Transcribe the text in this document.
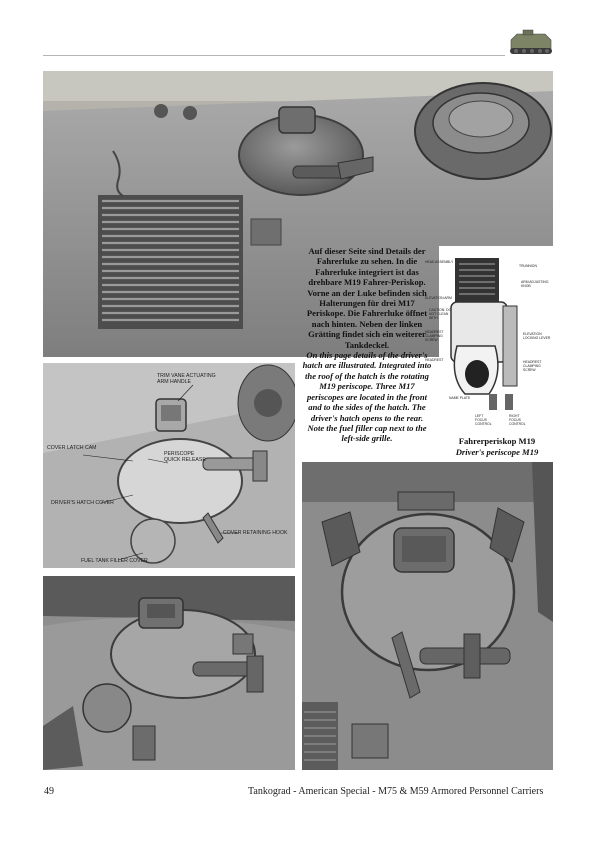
TRIM VANE ACTUATING ARM HANDLE
COVER LATCH CAM
PERISCOPE QUICK RELEASE
DRIVER'S HATCH COVER
COVER RETAINING HOOK
FUEL TANK FILLER COVER
Auf dieser Seite sind Details der Fahrerluke zu sehen. In die Fahrerluke integriert ist das drehbare M19 Fahrer-Periskop. Vorne an der Luke befinden sich Halterungen für drei M17 Periskope. Die Fahrerluke öffnet nach hinten. Neben der linken Grätting findet sich ein weiterer Tankdeckel.
On this page details of the driver's hatch are illustrated. Integrated into the roof of the hatch is the rotating M19 periscope. Three M17 periscopes are located in the front and to the sides of the hatch. The driver's hatch opens to the rear. Note the fuel filler cap next to the left-side grille.
HEAD ASSEMBLY
TRUNNION
ARM ADJUSTING KNOB
ELEVATION ARM
CAUTION: DO NOT CLEAN WITH
HEADREST CLAMPING SCREW
ELEVATION LOCKING LEVER
HEADREST	HEADREST CLAMPING SCREW
NAME PLATE
LEFT FOCUS CONTROL
RIGHT FOCUS CONTROL
Fahrerperiskop M19
Driver's periscope M19
49	Tankograd - American Special - M75 & M59 Armored Personnel Carriers
